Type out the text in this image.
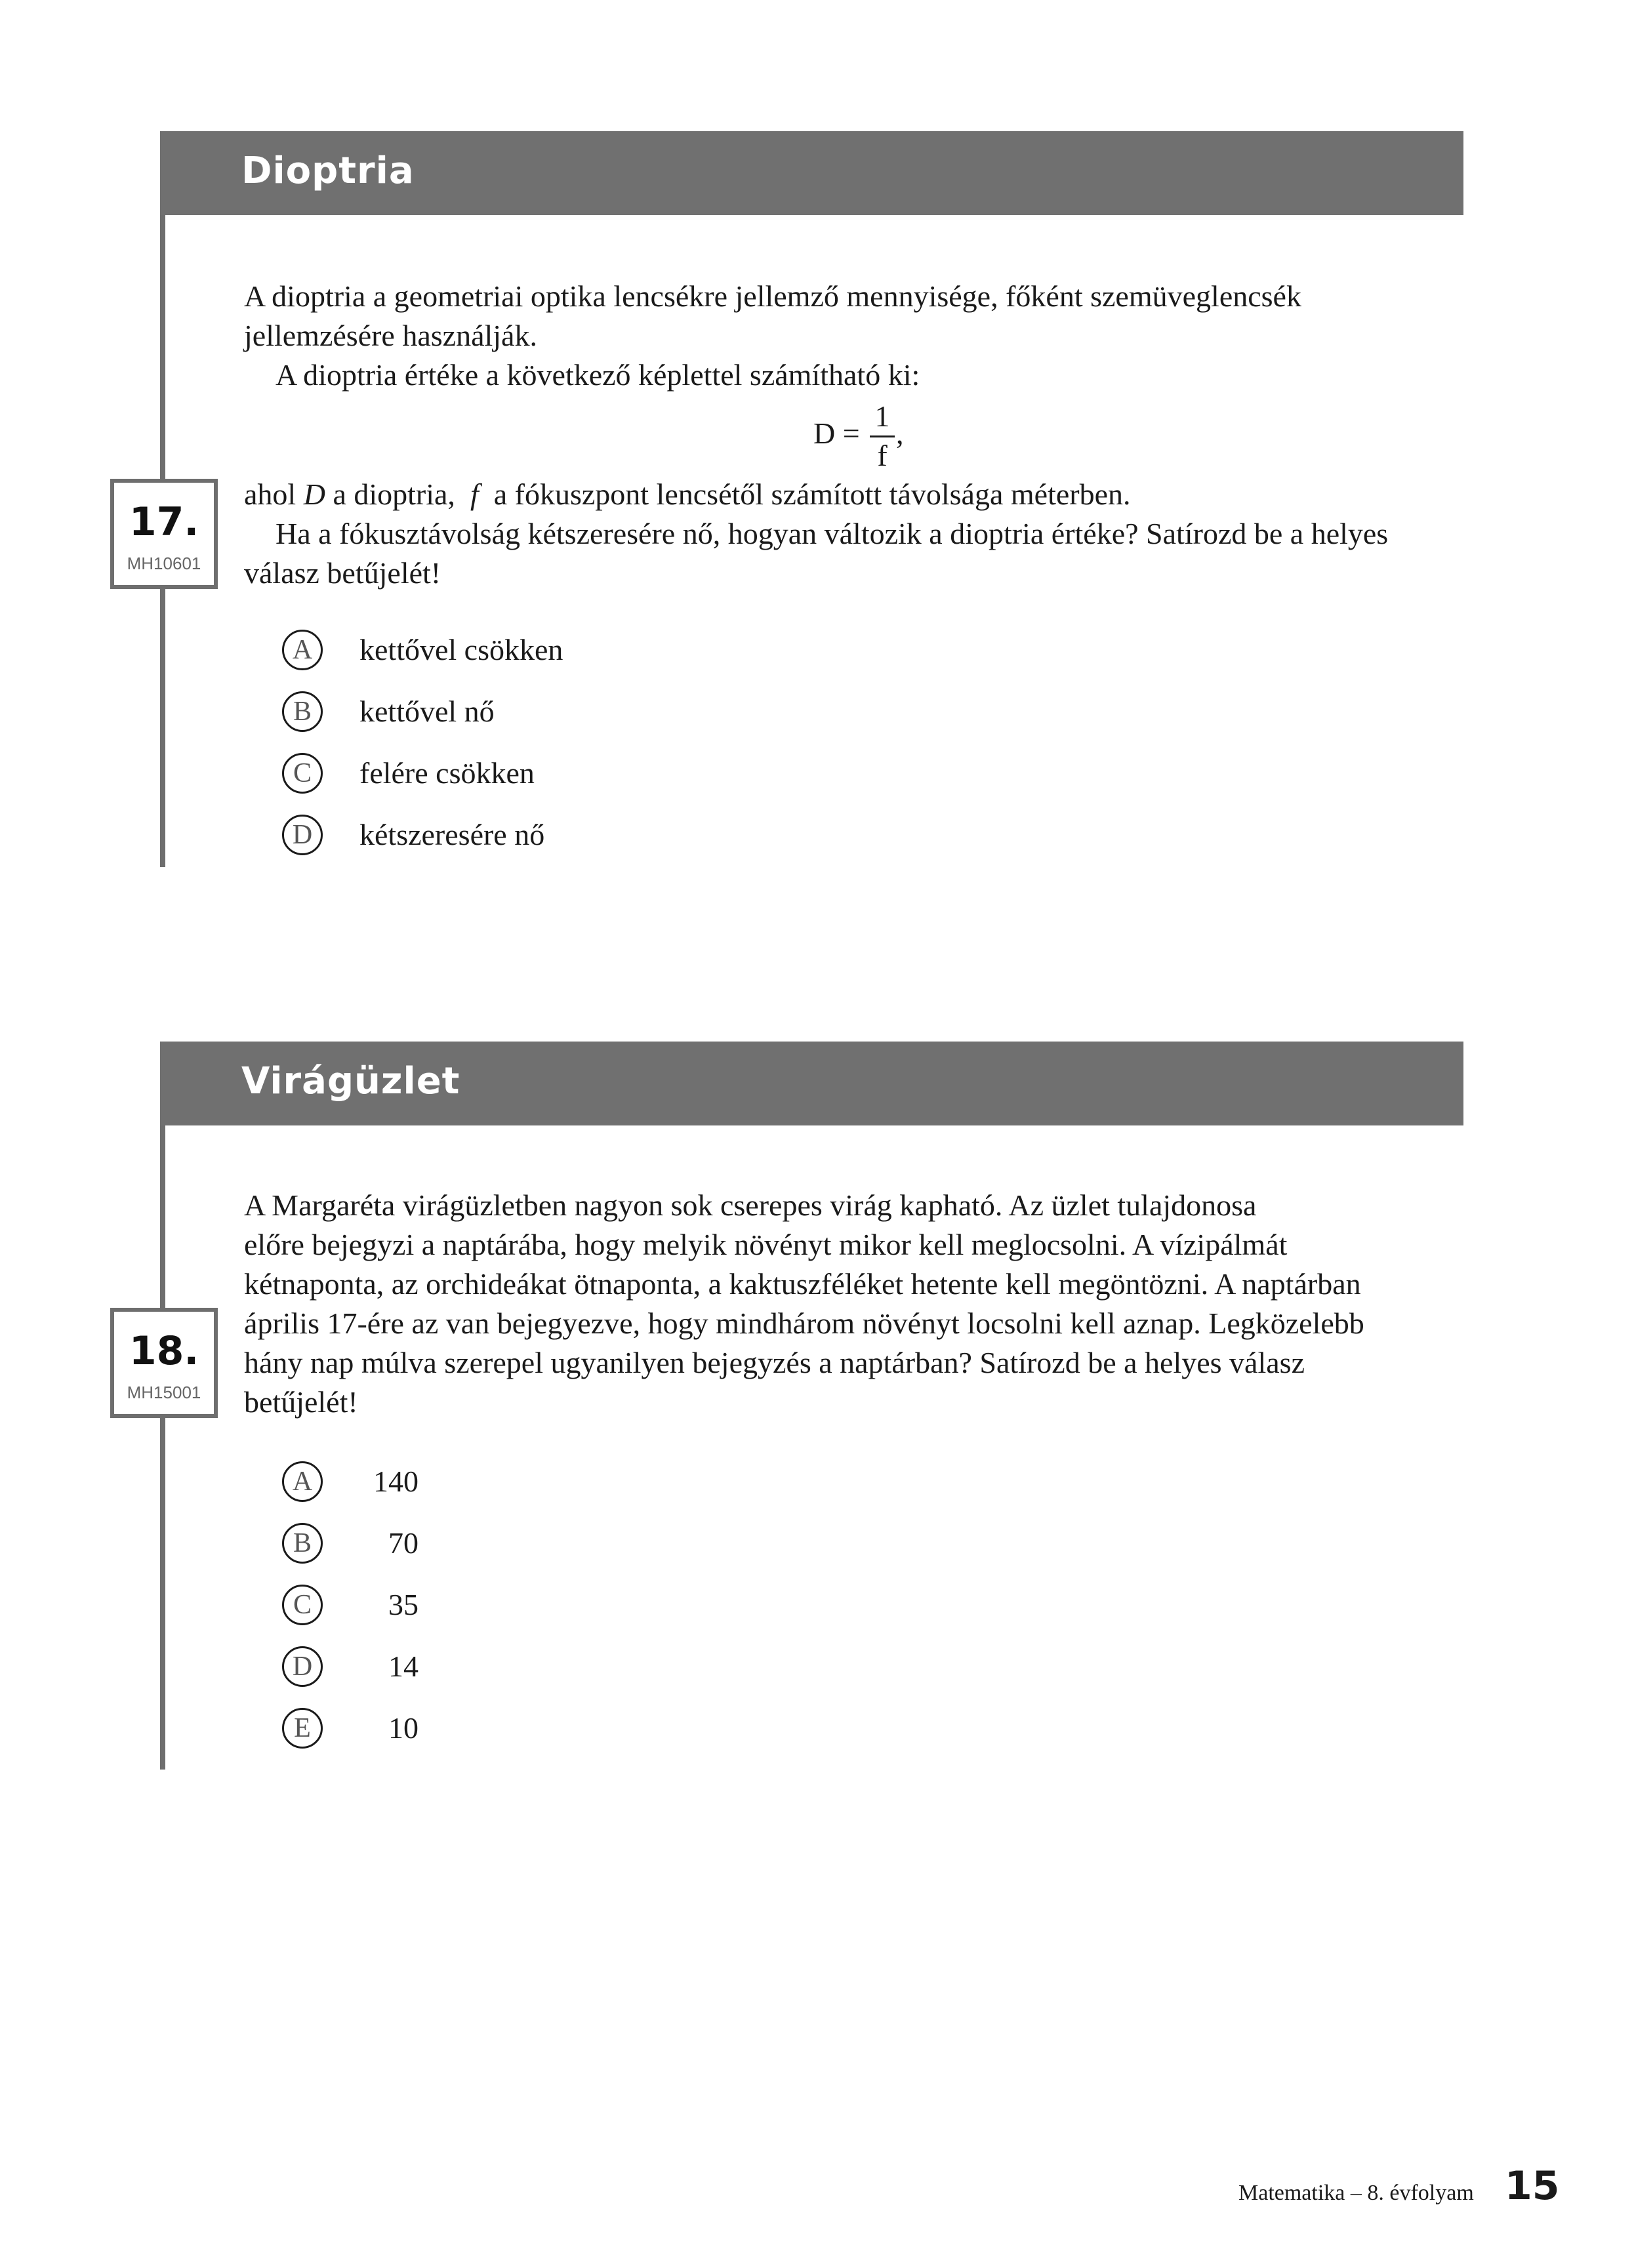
Dioptria
17.
MH10601
A dioptria a geometriai optika lencsékre jellemző mennyisége, főként szemüveglencsék
jellemzésére használják.
A dioptria értéke a következő képlettel számítható ki:
D =
1
f
,
ahol D a dioptria, f a fókuszpont lencsétől számított távolsága méterben.
Ha a fókusztávolság kétszeresére nő, hogyan változik a dioptria értéke? Satírozd be a helyes
válasz betűjelét!
A	kettővel csökken
B	kettővel nő
C	felére csökken
D	kétszeresére nő
Virágüzlet
18.
MH15001
A Margaréta virágüzletben nagyon sok cserepes virág kapható. Az üzlet tulajdonosa
előre bejegyzi a naptárába, hogy melyik növényt mikor kell meglocsolni. A vízipálmát
kétnaponta, az orchideákat ötnaponta, a kaktuszféléket hetente kell megöntözni. A naptárban
április 17-ére az van bejegyezve, hogy mindhárom növényt locsolni kell aznap. Legközelebb
hány nap múlva szerepel ugyanilyen bejegyzés a naptárban? Satírozd be a helyes válasz
betűjelét!
A	140
B	70
C	35
D	14
E	10
Matematika – 8. évfolyam 15
